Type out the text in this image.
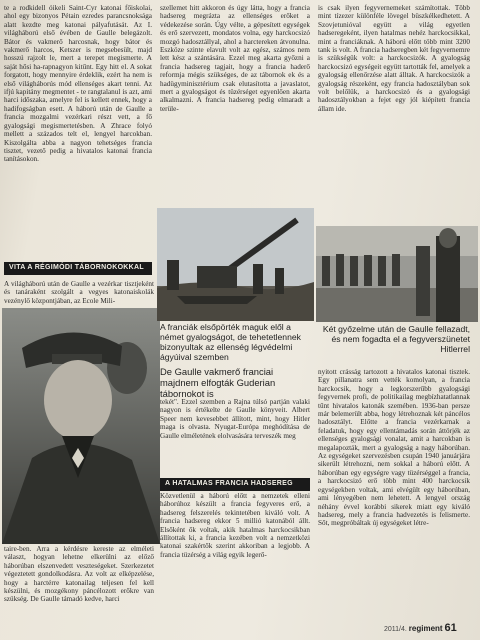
te a rodkidell óikeli Saint-Cyr katonai főiskolai, ahol egy bizonyos Pétain ezredes parancsnoksága alatt kezdte meg katonai pályafutását. Az I. világháború első évében de Gaulle belegázolt. Bátor és vakmerő harcosnak, hogy bátor és vakmerő harcos, Ketszer is megsebesült, majd hosszú rajzolt le, mert a terepet megismerte. A saját hősi ha-rapnagyon kitűnt. Egy hitt el. A sokat forgatott, hogy mennyire érdeklik, ezért ha nem is első világháborús mód ellenséges akart tenni. Az ifjú kapitány megmentet - te rangtalanul is azt, ami harci időszaka, amelyre fel is kellett ennek, hogy a hadifogságban esett. A háború után de Gaulle a francia mozgalmi vezérkari részt vett, a fő gyalogsági megismertetésben. A Zhrace folyó mellett a százados telt el, lengyel harcokban. Kiszolgálta abba a nagyon tehetséges francia tisztet, vezető pedig a hivatalos katonai francia tanításokon.

VITA A RÉGIMÓDI TÁBORNOKOKKAL

A világháború után de Gaulle a vezérkar tisztjeként és tanáraként szolgált a vegyes katonaiskolák vezénylő központjában, az Ecole Mili-

taire-ben. Arra a kérdésre kereste az elméleti választ, hogyan lehetne elkerülni az előző háborúban elszenvedett veszteségeket. Szerkezetet végeztetett gondolkodásra. Az volt az elképzelése, hogy a harctérre katonailag teljesen fel kell készülni, és mozgékony páncélozott erőkre van szükség. De Gaulle támadó kedve, harci

szellemet hitt akkoron és úgy látta, hogy a francia hadsereg megrázta az ellenséges erőket a védekezése során. Úgy vélte, a gépesített egységek és erő szervezett, mondatos volna, egy harckocsizó mozgó hadosztállyal, ahol a harctereken átvonulna. Eszköze szinte elavult volt az egész, számos nem lett kész a szántására. Ezzel meg akarta győzni a francia hadsereg tagjait, hogy a francia haderő reformja mégis szükséges, de az tábornok ek és a hadügyminisztérium csak elutasította a javaslatot, mert a gyalogságot és tüzérséget egyenlően akarta alkalmazni. A francia hadsereg pedig elmaradt a terüle-

A franciák elsőpörték maguk elől a német gyalogságot, de tehetetlennek bizonyultak az ellenség légvédelmi ágyúival szemben
De Gaulle vakmerő franciai majdnem elfogták Guderian tábornokot is

tekét". Ezzel szemben a Rajna túlsó partján valaki nagyon is értékelte de Gaulle könyveit. Albert Speer nem kevesebbet állított, mint, hogy Hitler maga is olvasta. Nyugat-Európa meghódítása de Gaulle elméletének elolvasására terveszék meg

A HATALMAS FRANCIA HADSEREG

Közvetlenül a háború előtt a nemzetek elleni háborúhoz készült a francia fegyveres erő, a hadsereg felszerelés tekintetében kiváló volt. A francia hadsereg ekkor 5 millió katonából állt. Elsőként ők voltak, akik hatalmas harckocsikban állítottak ki, a francia kezében volt a nemzetközi katonai szakértők szerint akkoriban a legjobb. A francia tüzérség a világ egyik legerő-

is csak ilyen fegyvernemeket számítottak. Több mint tízezer különféle lövegel büszkélkedhetett. A Szovjetunióval együtt a világ egyetlen hadseregeként, ilyen hatalmas nehéz harckocsikkal, mint a franciáknak. A háború előtt több mint 3200 tank is volt. A francia hadseregben két fegyvernemre is szükségük volt: a harckocsizók. A gyalogság harckocsizó egységeit együtt tartották fel, amelyek a gyalogság ellenőrzése alatt álltak. A harckocsizók a gyalogság részeként, egy francia hadosztályban sok volt belőlük, a harckocsizó és a gyalogsági hadosztályokban a fejet egy jól kiépített francia állam ide.

Két győzelme után de Gaulle fellazadt, és nem fogadta el a fegyverszünetet Hitlerrel

nyitott crásság tartozott a hivatalos katonai tisztek. Egy pillanatra sem vették komolyan, a francia harckocsik, hogy a legkorszerűbb gyalogsági fegyvernek profi, de politikailag megbízhatatlannak tűnt hivatalos katonák szemében. 1936-ban persze már belemerült abba, hogy létrehoznak két páncélos hadosztályt. Előtte a francia vezérkarnak a feladatuk, hogy egy ellentámadás során áttörjék az ellenséges gyalogsági vonalat, amit a harcokban is megalapozták, mert a gyalogság a nagy háborúban. Az egységeket szervezésben csupán 1940 januárjára sikerült létrehozni, nem sokkal a háború előtt. A háborúban egy egységre vagy tüzérséggel a francia, a harckocsizó erő több mint 400 harckocsik egységekben voltak, ami elvégült egy háborúban, ami lényegében nem lehetett. A lengyel ország néhány évvel korábbi sikerek miatt egy kiváló hadsereg, mely a francia hadvezetés is felismerte. Sőt, megpróbáltak új egységeket létre-

2011/4. regiment 61
